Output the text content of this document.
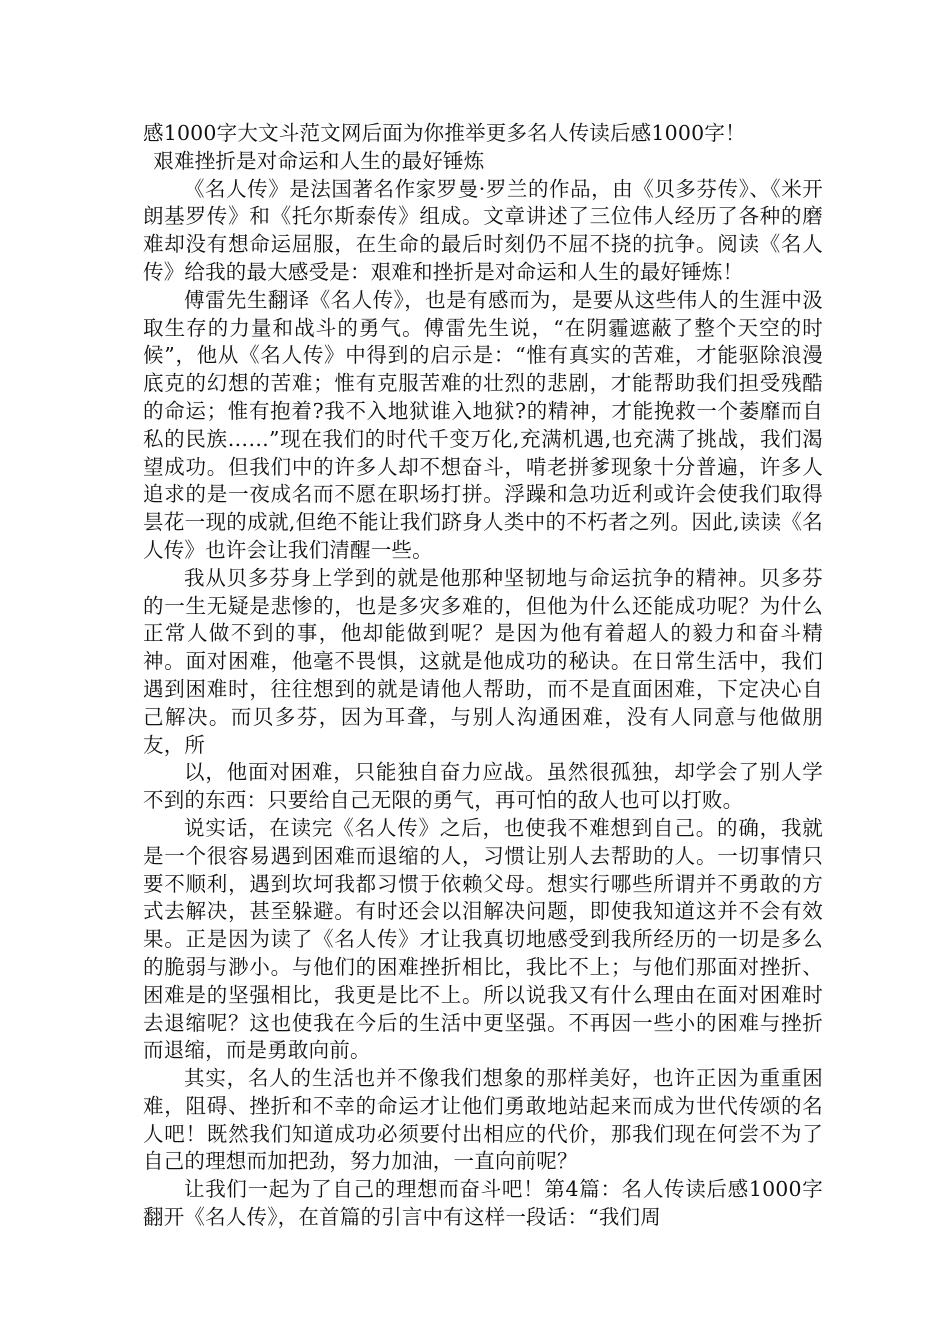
感1000字大文斗范文网后面为你推举更多名人传读后感1000字！

艰难挫折是对命运和人生的最好锤炼

《名人传》是法国著名作家罗曼·罗兰的作品，由《贝多芬传》、《米开朗基罗传》和《托尔斯泰传》组成。文章讲述了三位伟人经历了各种的磨难却没有想命运屈服，在生命的最后时刻仍不屈不挠的抗争。阅读《名人传》给我的最大感受是：艰难和挫折是对命运和人生的最好锤炼！

傅雷先生翻译《名人传》，也是有感而为，是要从这些伟人的生涯中汲取生存的力量和战斗的勇气。傅雷先生说，“在阴霾遮蔽了整个天空的时候”，他从《名人传》中得到的启示是：“惟有真实的苦难，才能驱除浪漫底克的幻想的苦难；惟有克服苦难的壮烈的悲剧，才能帮助我们担受残酷的命运；惟有抱着?我不入地狱谁入地狱?的精神，才能挽救一个萎靡而自私的民族……”现在我们的时代千变万化,充满机遇,也充满了挑战，我们渴望成功。但我们中的许多人却不想奋斗，啃老拼爹现象十分普遍，许多人追求的是一夜成名而不愿在职场打拼。浮躁和急功近利或许会使我们取得昙花一现的成就,但绝不能让我们跻身人类中的不朽者之列。因此,读读《名人传》也许会让我们清醒一些。

我从贝多芬身上学到的就是他那种坚韧地与命运抗争的精神。贝多芬的一生无疑是悲惨的，也是多灾多难的，但他为什么还能成功呢？为什么正常人做不到的事，他却能做到呢？是因为他有着超人的毅力和奋斗精神。面对困难，他毫不畏惧，这就是他成功的秘诀。在日常生活中，我们遇到困难时，往往想到的就是请他人帮助，而不是直面困难，下定决心自己解决。而贝多芬，因为耳聋，与别人沟通困难，没有人同意与他做朋友，所

以，他面对困难，只能独自奋力应战。虽然很孤独，却学会了别人学不到的东西：只要给自己无限的勇气，再可怕的敌人也可以打败。

说实话，在读完《名人传》之后，也使我不难想到自己。的确，我就是一个很容易遇到困难而退缩的人，习惯让别人去帮助的人。一切事情只要不顺利，遇到坎坷我都习惯于依赖父母。想实行哪些所谓并不勇敢的方式去解决，甚至躲避。有时还会以泪解决问题，即使我知道这并不会有效果。正是因为读了《名人传》才让我真切地感受到我所经历的一切是多么的脆弱与渺小。与他们的困难挫折相比，我比不上；与他们那面对挫折、困难是的坚强相比，我更是比不上。所以说我又有什么理由在面对困难时去退缩呢？这也使我在今后的生活中更坚强。不再因一些小的困难与挫折而退缩，而是勇敢向前。

其实，名人的生活也并不像我们想象的那样美好，也许正因为重重困难，阻碍、挫折和不幸的命运才让他们勇敢地站起来而成为世代传颂的名人吧！既然我们知道成功必须要付出相应的代价，那我们现在何尝不为了自己的理想而加把劲，努力加油，一直向前呢？

让我们一起为了自己的理想而奋斗吧！第4篇：名人传读后感1000字翻开《名人传》，在首篇的引言中有这样一段话：“我们周
